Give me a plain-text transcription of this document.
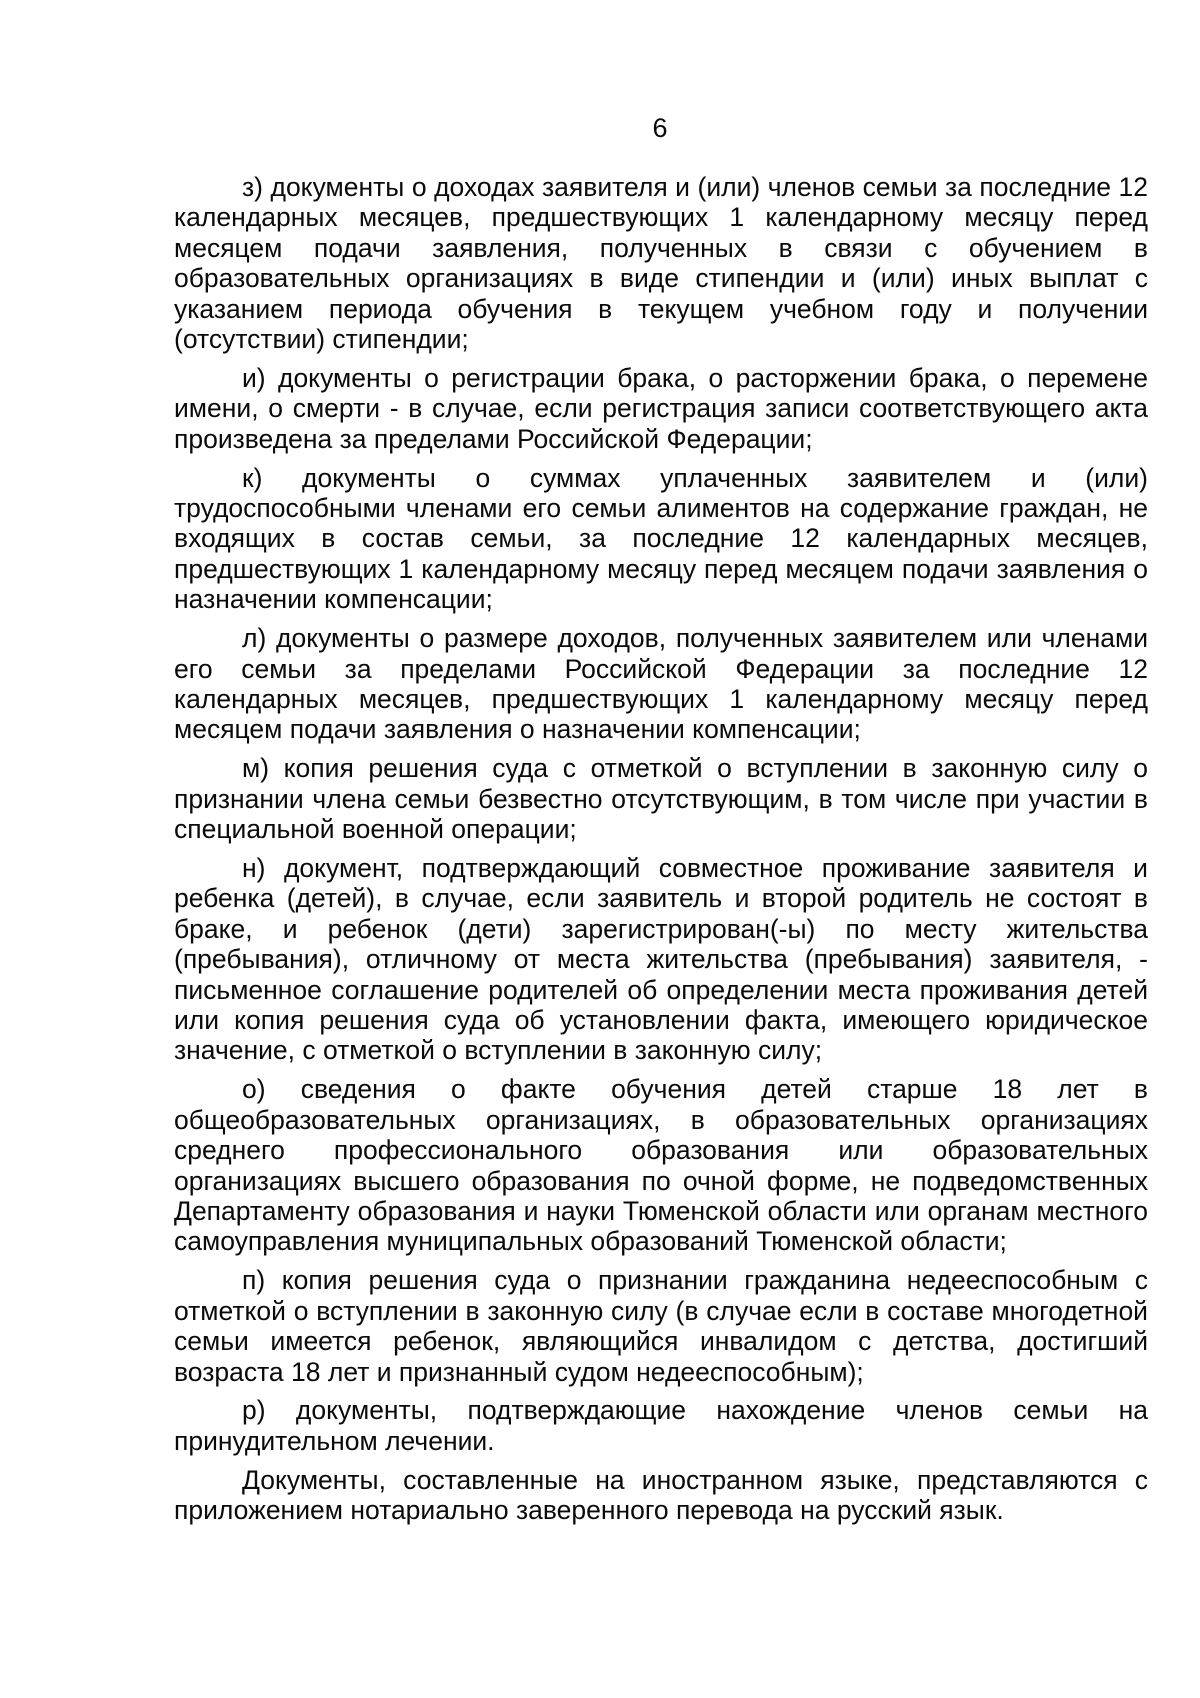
6

з) документы о доходах заявителя и (или) членов семьи за последние 12 календарных месяцев, предшествующих 1 календарному месяцу перед месяцем подачи заявления, полученных в связи с обучением в образовательных организациях в виде стипендии и (или) иных выплат с указанием периода обучения в текущем учебном году и получении (отсутствии) стипендии;

и) документы о регистрации брака, о расторжении брака, о перемене имени, о смерти - в случае, если регистрация записи соответствующего акта произведена за пределами Российской Федерации;

к) документы о суммах уплаченных заявителем и (или) трудоспособными членами его семьи алиментов на содержание граждан, не входящих в состав семьи, за последние 12 календарных месяцев, предшествующих 1 календарному месяцу перед месяцем подачи заявления о назначении компенсации;

л) документы о размере доходов, полученных заявителем или членами его семьи за пределами Российской Федерации за последние 12 календарных месяцев, предшествующих 1 календарному месяцу перед месяцем подачи заявления о назначении компенсации;

м) копия решения суда с отметкой о вступлении в законную силу о признании члена семьи безвестно отсутствующим, в том числе при участии в специальной военной операции;

н) документ, подтверждающий совместное проживание заявителя и ребенка (детей), в случае, если заявитель и второй родитель не состоят в браке, и ребенок (дети) зарегистрирован(-ы) по месту жительства (пребывания), отличному от места жительства (пребывания) заявителя, - письменное соглашение родителей об определении места проживания детей или копия решения суда об установлении факта, имеющего юридическое значение, с отметкой о вступлении в законную силу;

о) сведения о факте обучения детей старше 18 лет в общеобразовательных организациях, в образовательных организациях среднего профессионального образования или образовательных организациях высшего образования по очной форме, не подведомственных Департаменту образования и науки Тюменской области или органам местного самоуправления муниципальных образований Тюменской области;

п) копия решения суда о признании гражданина недееспособным с отметкой о вступлении в законную силу (в случае если в составе многодетной семьи имеется ребенок, являющийся инвалидом с детства, достигший возраста 18 лет и признанный судом недееспособным);

р) документы, подтверждающие нахождение членов семьи на принудительном лечении.

Документы, составленные на иностранном языке, представляются с приложением нотариально заверенного перевода на русский язык.
